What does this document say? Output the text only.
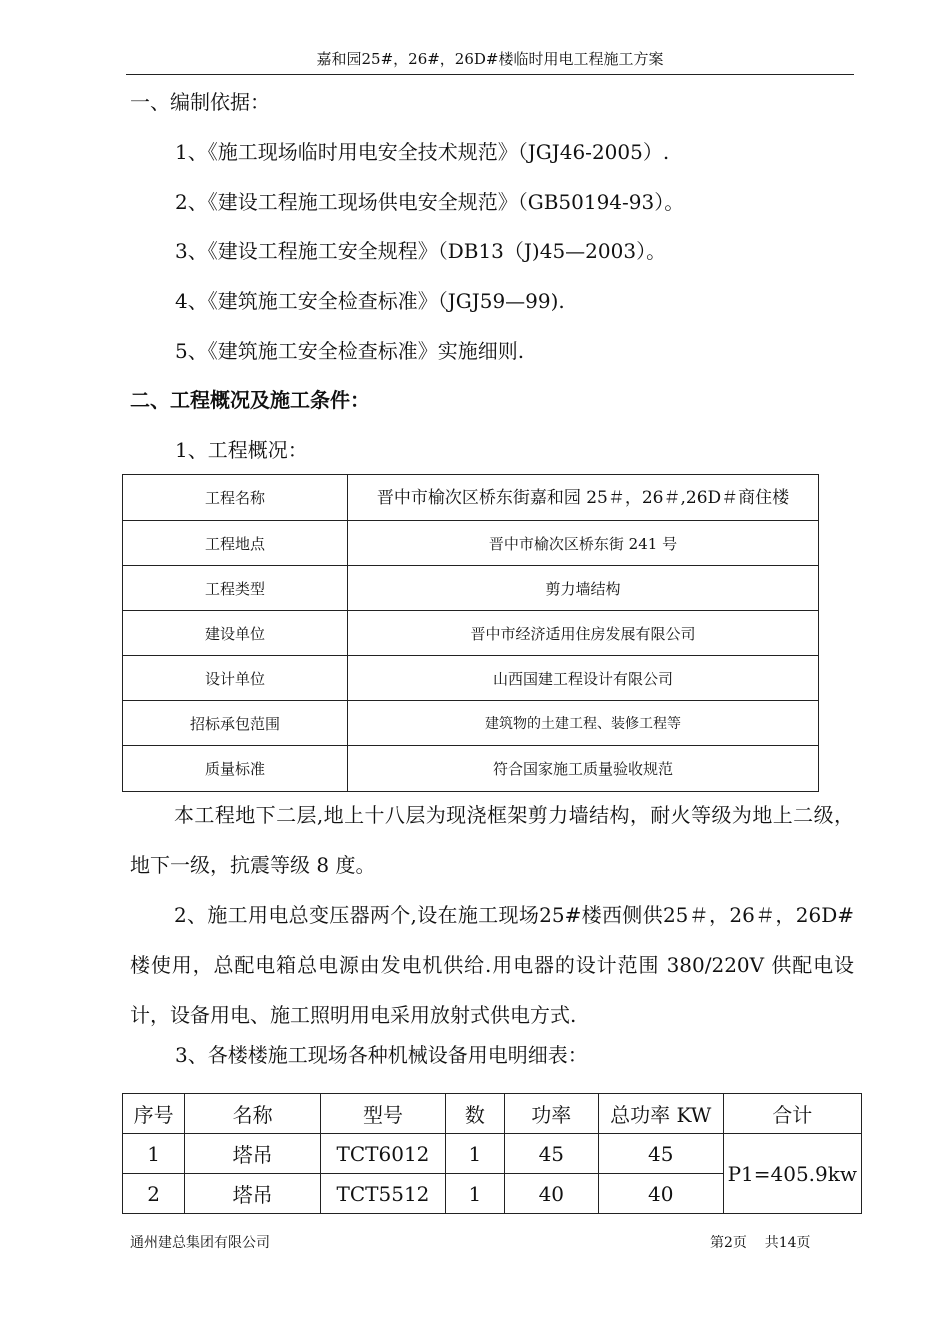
嘉和园25#，26#，26D#楼临时用电工程施工方案
一、编制依据：
1、《施工现场临时用电安全技术规范》（JGJ46-2005）.
2、《建设工程施工现场供电安全规范》（GB50194-93）。
3、《建设工程施工安全规程》（DB13（J)45—2003）。
4、《建筑施工安全检查标准》（JGJ59—99).
5、《建筑施工安全检查标准》实施细则.
二、工程概况及施工条件：
1、工程概况：
工程名称	晋中市榆次区桥东街嘉和园 25＃，26＃,26D＃商住楼
工程地点	晋中市榆次区桥东街 241 号
工程类型	剪力墙结构
建设单位	晋中市经济适用住房发展有限公司
设计单位	山西国建工程设计有限公司
招标承包范围	建筑物的土建工程、装修工程等
质量标准	符合国家施工质量验收规范
本工程地下二层,地上十八层为现浇框架剪力墙结构，耐火等级为地上二级，地下一级，抗震等级 8 度。
2、施工用电总变压器两个,设在施工现场25#楼西侧供25＃，26＃，26D#楼使用，总配电箱总电源由发电机供给.用电器的设计范围 380/220V 供配电设计，设备用电、施工照明用电采用放射式供电方式.
3、各楼楼施工现场各种机械设备用电明细表：
序号	名称	型号	数	功率	总功率 KW	合计
1	塔吊	TCT6012	1	45	45	P1=405.9kw
2	塔吊	TCT5512	1	40	40	
通州建总集团有限公司	第2页    共14页
